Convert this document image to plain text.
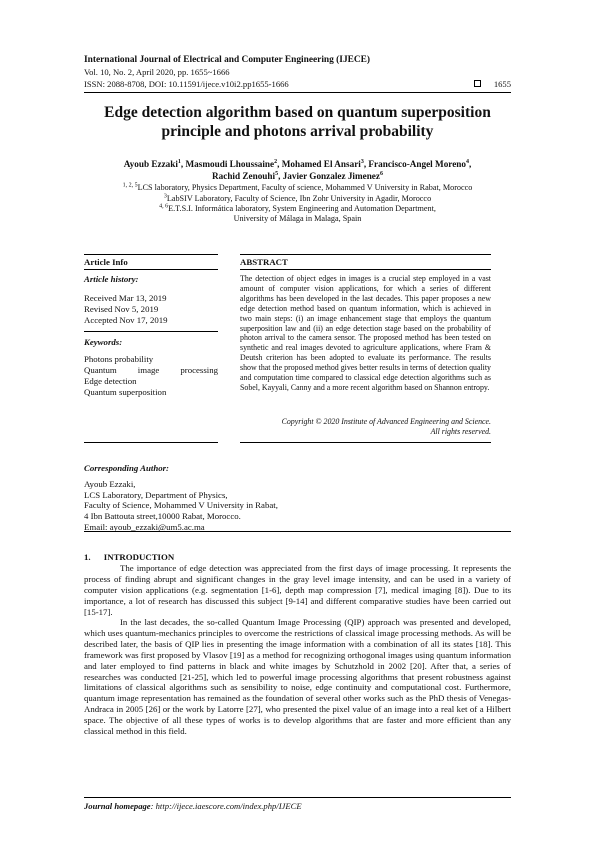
International Journal of Electrical and Computer Engineering (IJECE)
Vol. 10, No. 2, April 2020, pp. 1655~1666
ISSN: 2088-8708, DOI: 10.11591/ijece.v10i2.pp1655-1666	1655
Edge detection algorithm based on quantum superposition principle and photons arrival probability
Ayoub Ezzaki$^1$, Masmoudi Lhoussaine$^2$, Mohamed El Ansari$^3$, Francisco-Angel Moreno$^4$,
Rachid Zenouhi$^5$, Javier Gonzalez Jimenez$^6$
$^{1, 2, 5}$LCS laboratory, Physics Department, Faculty of science, Mohammed V University in Rabat, Morocco
$^3$LabSIV Laboratory, Faculty of Science, Ibn Zohr University in Agadir, Morocco
$^{4, 6}$E.T.S.I. Informática laboratory, System Engineering and Automation Department,
University of Málaga in Malaga, Spain
Article Info	ABSTRACT
Article history:
Received Mar 13, 2019
Revised Nov 5, 2019
Accepted Nov 17, 2019
Keywords:
Photons probability
Quantum image processing
Edge detection
Quantum superposition
The detection of object edges in images is a crucial step employed in a vast amount of computer vision applications, for which a series of different algorithms has been developed in the last decades. This paper proposes a new edge detection method based on quantum information, which is achieved in two main steps: (i) an image enhancement stage that employs the quantum superposition law and (ii) an edge detection stage based on the probability of photon arrival to the camera sensor. The proposed method has been tested on synthetic and real images devoted to agriculture applications, where Fram & Deutsh criterion has been adopted to evaluate its performance. The results show that the proposed method gives better results in terms of detection quality and computation time compared to classical edge detection algorithms such as Sobel, Kayyali, Canny and a more recent algorithm based on Shannon entropy.
Copyright © 2020 Institute of Advanced Engineering and Science.
All rights reserved.
Corresponding Author:
Ayoub Ezzaki,
LCS Laboratory, Department of Physics,
Faculty of Science, Mohammed V University in Rabat,
4 Ibn Battouta street,10000 Rabat, Morocco.
Email: ayoub_ezzaki@um5.ac.ma
1.      INTRODUCTION
The importance of edge detection was appreciated from the first days of image processing. It represents the process of finding abrupt and significant changes in the gray level image intensity, and can be used in a variety of computer vision applications (e.g. segmentation [1-6], depth map compression [7], medical imaging [8]). Due to its importance, a lot of research has discussed this subject [9-14] and different comparative studies have been carried out [15-17].
In the last decades, the so-called Quantum Image Processing (QIP) approach was presented and developed, which uses quantum-mechanics principles to overcome the restrictions of classical image processing methods. As will be described later, the basis of QIP lies in presenting the image information with a combination of all its states [18]. This framework was first proposed by Vlasov [19] as a method for recognizing orthogonal images using quantum information and later employed to find patterns in black and white images by Schutzhold in 2002 [20]. After that, a series of researches was conducted [21-25], which led to powerful image processing algorithms that present robustness against limitations of classical algorithms such as sensibility to noise, edge continuity and computational cost. Furthermore, quantum image representation has remained as the foundation of several other works such as the PhD thesis of Venegas-Andraca in 2005 [26] or the work by Latorre [27], who presented the pixel value of an image into a real ket of a Hilbert space. The objective of all these types of works is to develop algorithms that are faster and more efficient than any classical method in this field.
Journal homepage: http://ijece.iaescore.com/index.php/IJECE
